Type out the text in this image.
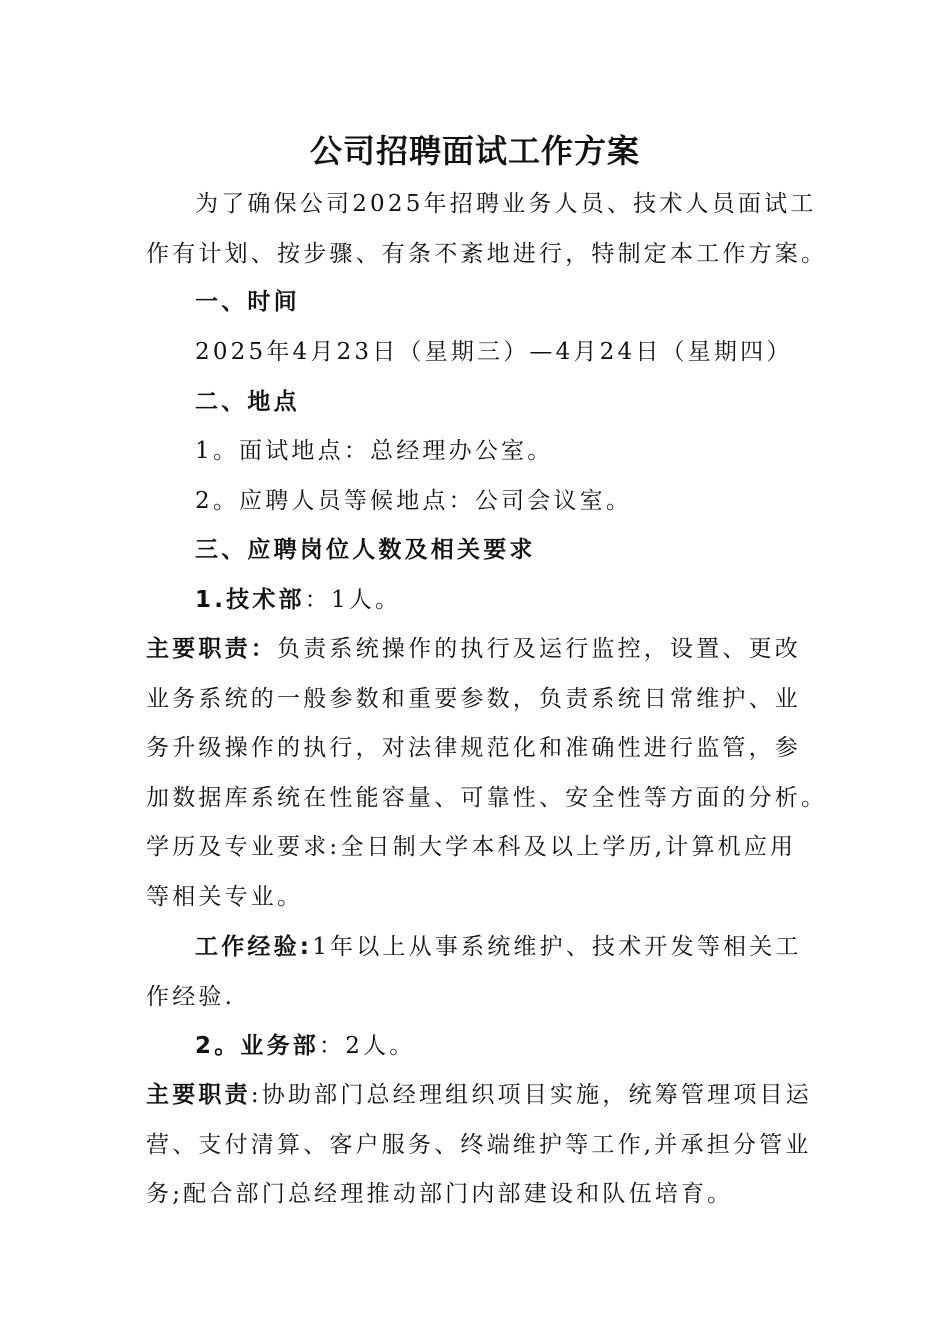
公司招聘面试工作方案
为了确保公司2025年招聘业务人员、技术人员面试工
作有计划、按步骤、有条不紊地进行，特制定本工作方案。
一、时间
2025年4月23日（星期三）—4月24日（星期四）
二、地点
1。面试地点：总经理办公室。
2。应聘人员等候地点：公司会议室。
三、应聘岗位人数及相关要求
1.技术部：1人。
主要职责：负责系统操作的执行及运行监控，设置、更改
业务系统的一般参数和重要参数，负责系统日常维护、业
务升级操作的执行，对法律规范化和准确性进行监管，参
加数据库系统在性能容量、可靠性、安全性等方面的分析。
学历及专业要求:全日制大学本科及以上学历,计算机应用
等相关专业。
工作经验:1年以上从事系统维护、技术开发等相关工
作经验.
2。业务部：2人。
主要职责:协助部门总经理组织项目实施，统筹管理项目运
营、支付清算、客户服务、终端维护等工作,并承担分管业
务;配合部门总经理推动部门内部建设和队伍培育。
